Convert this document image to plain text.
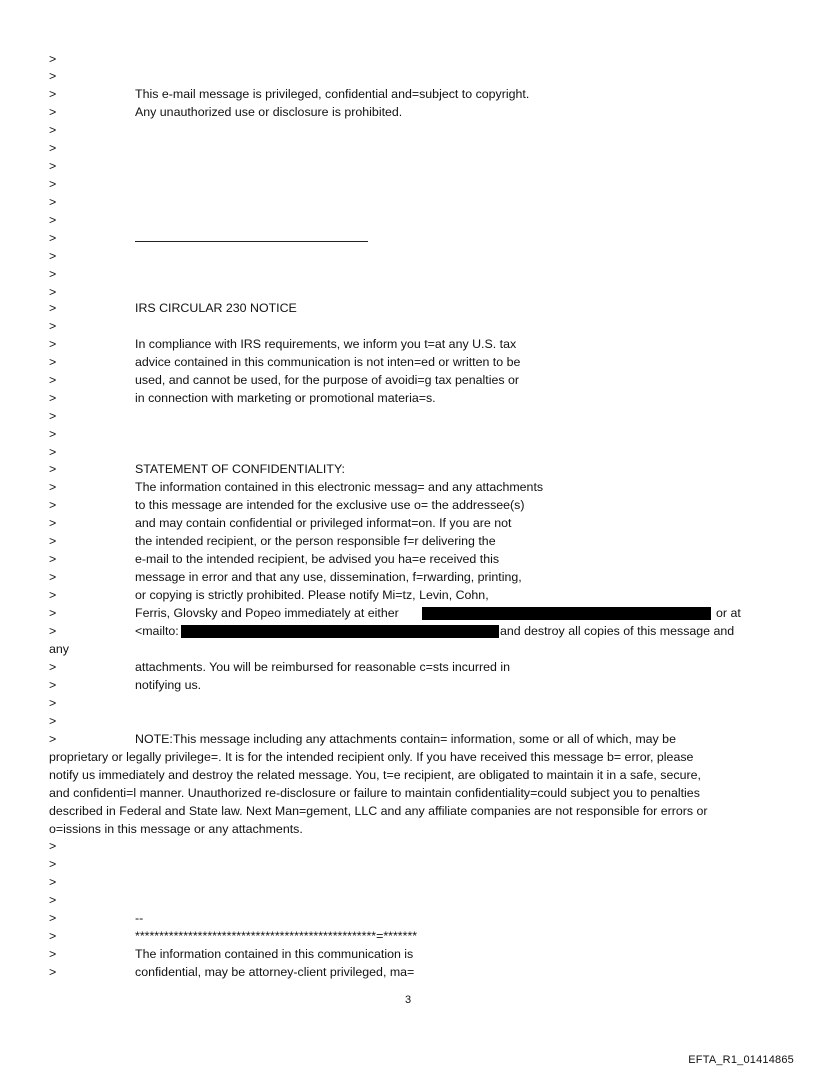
>
>
>	This e-mail message is privileged, confidential and=subject to copyright.
>	Any unauthorized use or disclosure is prohibited.
>
>
>
>
>
>
>
>
>
>
>	IRS CIRCULAR 230 NOTICE
>
>	In compliance with IRS requirements, we inform you t=at any U.S. tax
>	advice contained in this communication is not inten=ed or written to be
>	used, and cannot be used, for the purpose of avoidi=g tax penalties or
>	in connection with marketing or promotional materia=s.
>
>
>
>	STATEMENT OF CONFIDENTIALITY:
>	The information contained in this electronic messag= and any attachments
>	to this message are intended for the exclusive use o= the addressee(s)
>	and may contain confidential or privileged informat=on. If you are not
>	the intended recipient, or the person responsible f=r delivering the
>	e-mail to the intended recipient, be advised you ha=e received this
>	message in error and that any use, dissemination, f=rwarding, printing,
>	or copying is strictly prohibited. Please notify Mi=tz, Levin, Cohn,
>	Ferris, Glovsky and Popeo immediately at either	or at
>	<mailto:	and destroy all copies of this message and
any
>	attachments. You will be reimbursed for reasonable c=sts incurred in
>	notifying us.
>
>
>	NOTE:This message including any attachments contain= information, some or all of which, may be
proprietary or legally privilege=. It is for the intended recipient only. If you have received this message b= error, please
notify us immediately and destroy the related message. You, t=e recipient, are obligated to maintain it in a safe, secure,
and confidenti=l manner. Unauthorized re-disclosure or failure to maintain confidentiality=could subject you to penalties
described in Federal and State law. Next Man=gement, LLC and any affiliate companies are not responsible for errors or
o=issions in this message or any attachments.
>
>
>
>
>	--
>	**************************************************=*******
>	The information contained in this communication is
>	confidential, may be attorney-client privileged, ma=
3
EFTA_R1_01414865
